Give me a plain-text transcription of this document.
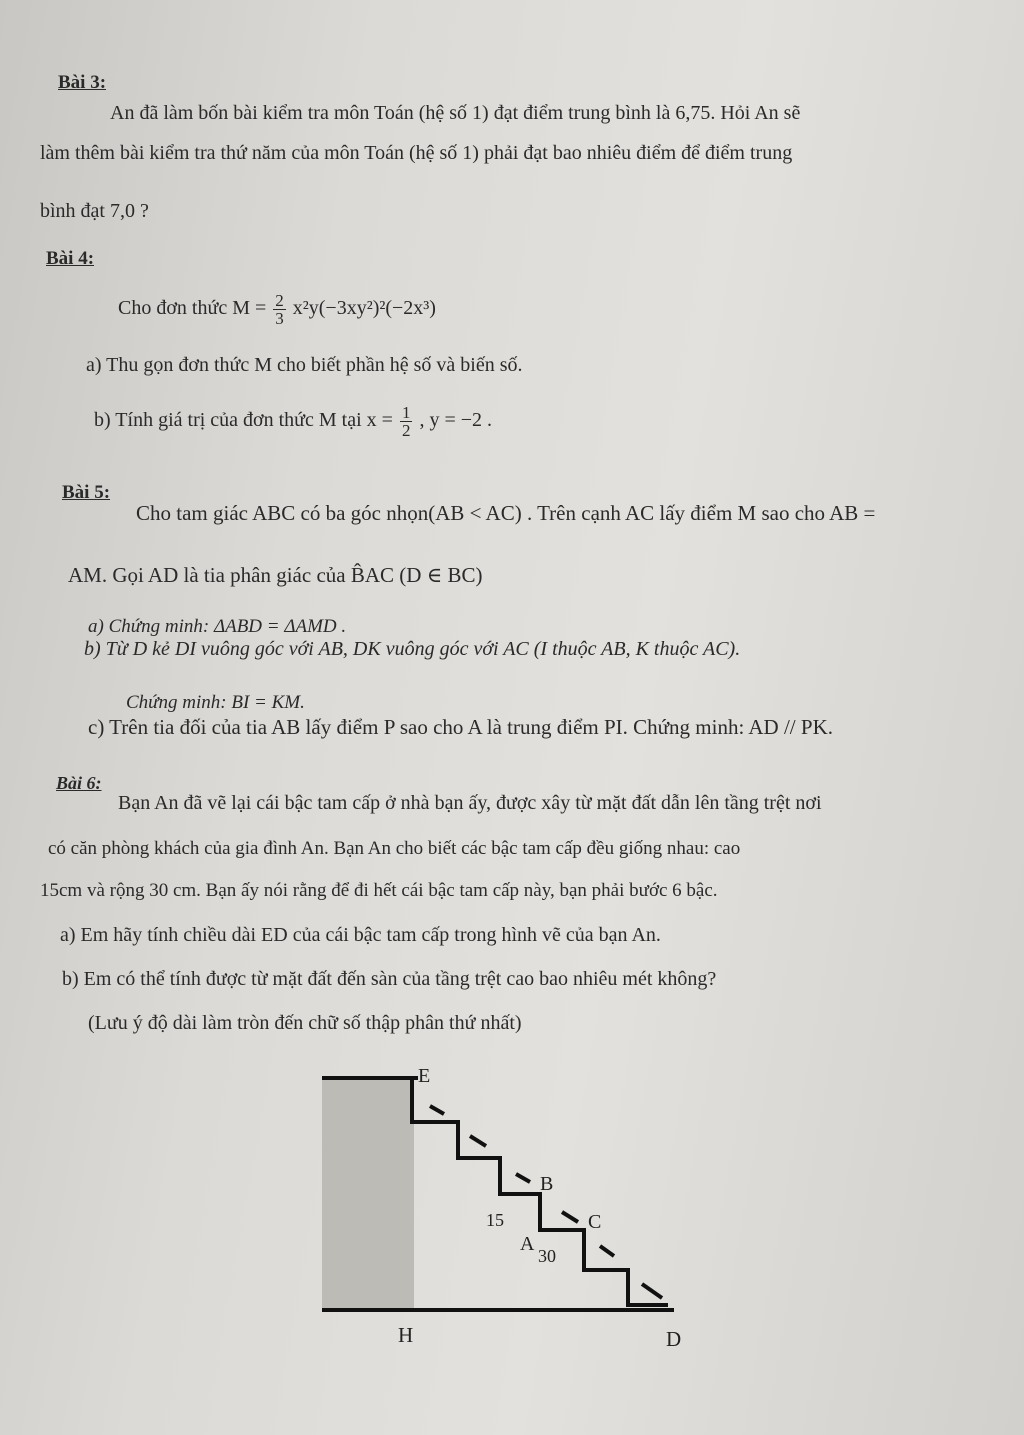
Bài 3:
An đã làm bốn bài kiểm tra môn Toán (hệ số 1) đạt điểm trung bình là 6,75. Hỏi An sẽ
làm thêm bài kiểm tra thứ năm của môn Toán (hệ số 1) phải đạt bao nhiêu điểm để điểm trung
bình đạt 7,0 ?
Bài 4:
Cho đơn thức $M = \frac{2}{3} x^2y(-3xy^2)^2(-2x^3)$
a) Thu gọn đơn thức M cho biết phần hệ số và biến số.
b) Tính giá trị của đơn thức M tại $x = \frac{1}{2}$ , y = −2 .
Bài 5:
Cho tam giác ABC có ba góc nhọn(AB < AC) . Trên cạnh AC lấy điểm M sao cho AB =
AM. Gọi AD là tia phân giác của B̂AC (D ∈ BC)
a) Chứng minh: ΔABD = ΔAMD .
b) Từ D kẻ DI vuông góc với AB, DK vuông góc với AC (I thuộc AB, K thuộc AC).
Chứng minh: BI = KM.
c) Trên tia đối của tia AB lấy điểm P sao cho A là trung điểm PI. Chứng minh: AD // PK.
Bài 6:
Bạn An đã vẽ lại cái bậc tam cấp ở nhà bạn ấy, được xây từ mặt đất dẫn lên tầng trệt nơi
có căn phòng khách của gia đình An. Bạn An cho biết các bậc tam cấp đều giống nhau: cao
15cm và rộng 30 cm. Bạn ấy nói rằng để đi hết cái bậc tam cấp này, bạn phải bước 6 bậc.
a) Em hãy tính chiều dài ED của cái bậc tam cấp trong hình vẽ của bạn An.
b) Em có thể tính được từ mặt đất đến sàn của tầng trệt cao bao nhiêu mét không?
(Lưu ý độ dài làm tròn đến chữ số thập phân thứ nhất)
E
B
C
A
15
30
H	D
